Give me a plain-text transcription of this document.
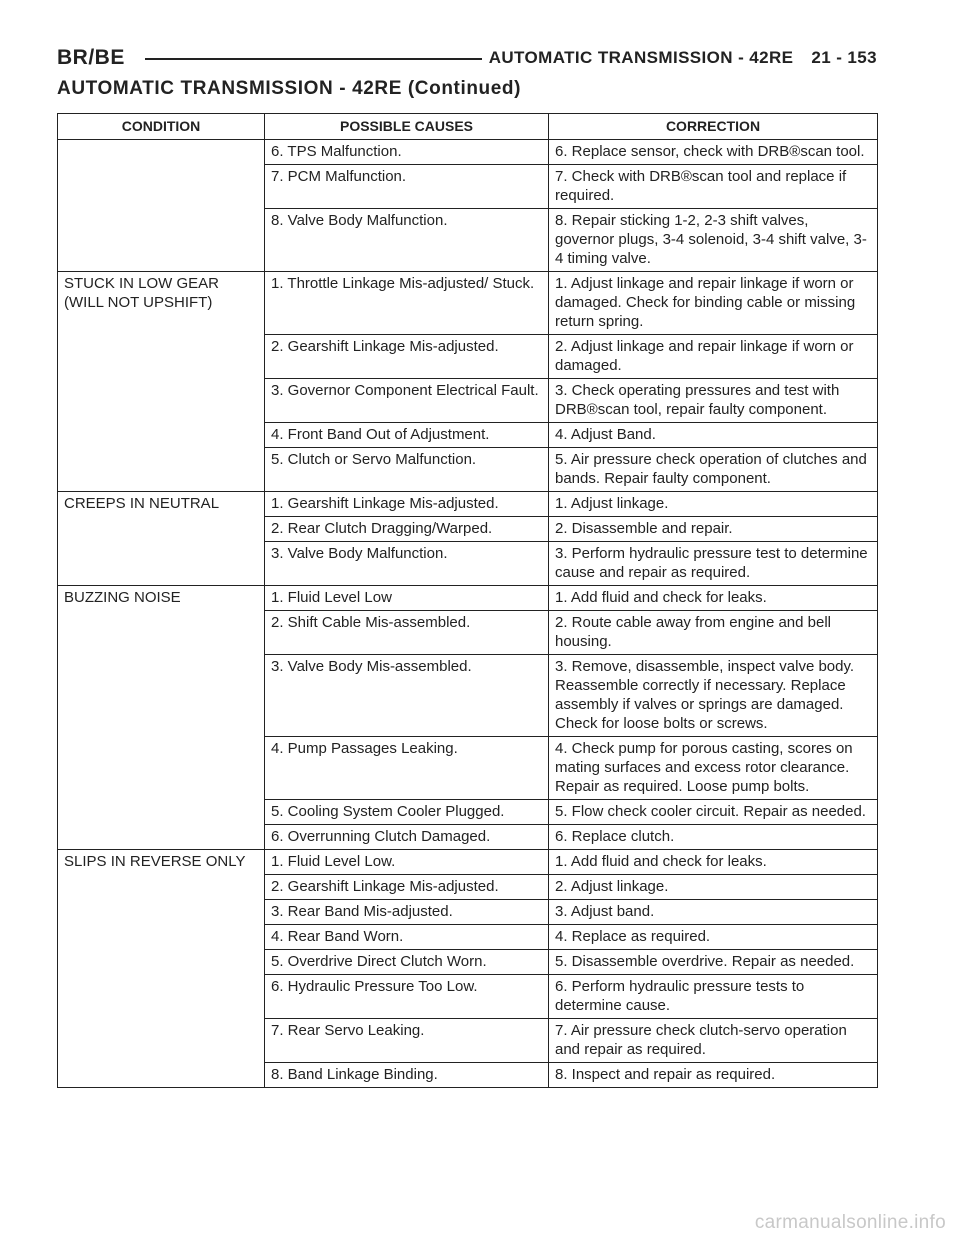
BR/BE	AUTOMATIC TRANSMISSION - 42RE 21 - 153
AUTOMATIC TRANSMISSION - 42RE (Continued)
CONDITION	POSSIBLE CAUSES	CORRECTION
	6. TPS Malfunction.	6. Replace sensor, check with DRB®scan tool.
	7. PCM Malfunction.	7. Check with DRB®scan tool and replace if required.
	8. Valve Body Malfunction.	8. Repair sticking 1-2, 2-3 shift valves, governor plugs, 3-4 solenoid, 3-4 shift valve, 3-4 timing valve.
STUCK IN LOW GEAR (WILL NOT UPSHIFT)	1. Throttle Linkage Mis-adjusted/ Stuck.	1. Adjust linkage and repair linkage if worn or damaged. Check for binding cable or missing return spring.
	2. Gearshift Linkage Mis-adjusted.	2. Adjust linkage and repair linkage if worn or damaged.
	3. Governor Component Electrical Fault.	3. Check operating pressures and test with DRB®scan tool, repair faulty component.
	4. Front Band Out of Adjustment.	4. Adjust Band.
	5. Clutch or Servo Malfunction.	5. Air pressure check operation of clutches and bands. Repair faulty component.
CREEPS IN NEUTRAL	1. Gearshift Linkage Mis-adjusted.	1. Adjust linkage.
	2. Rear Clutch Dragging/Warped.	2. Disassemble and repair.
	3. Valve Body Malfunction.	3. Perform hydraulic pressure test to determine cause and repair as required.
BUZZING NOISE	1. Fluid Level Low	1. Add fluid and check for leaks.
	2. Shift Cable Mis-assembled.	2. Route cable away from engine and bell housing.
	3. Valve Body Mis-assembled.	3. Remove, disassemble, inspect valve body. Reassemble correctly if necessary. Replace assembly if valves or springs are damaged. Check for loose bolts or screws.
	4. Pump Passages Leaking.	4. Check pump for porous casting, scores on mating surfaces and excess rotor clearance. Repair as required. Loose pump bolts.
	5. Cooling System Cooler Plugged.	5. Flow check cooler circuit. Repair as needed.
	6. Overrunning Clutch Damaged.	6. Replace clutch.
SLIPS IN REVERSE ONLY	1. Fluid Level Low.	1. Add fluid and check for leaks.
	2. Gearshift Linkage Mis-adjusted.	2. Adjust linkage.
	3. Rear Band Mis-adjusted.	3. Adjust band.
	4. Rear Band Worn.	4. Replace as required.
	5. Overdrive Direct Clutch Worn.	5. Disassemble overdrive. Repair as needed.
	6. Hydraulic Pressure Too Low.	6. Perform hydraulic pressure tests to determine cause.
	7. Rear Servo Leaking.	7. Air pressure check clutch-servo operation and repair as required.
	8. Band Linkage Binding.	8. Inspect and repair as required.
carmanualsonline.info
